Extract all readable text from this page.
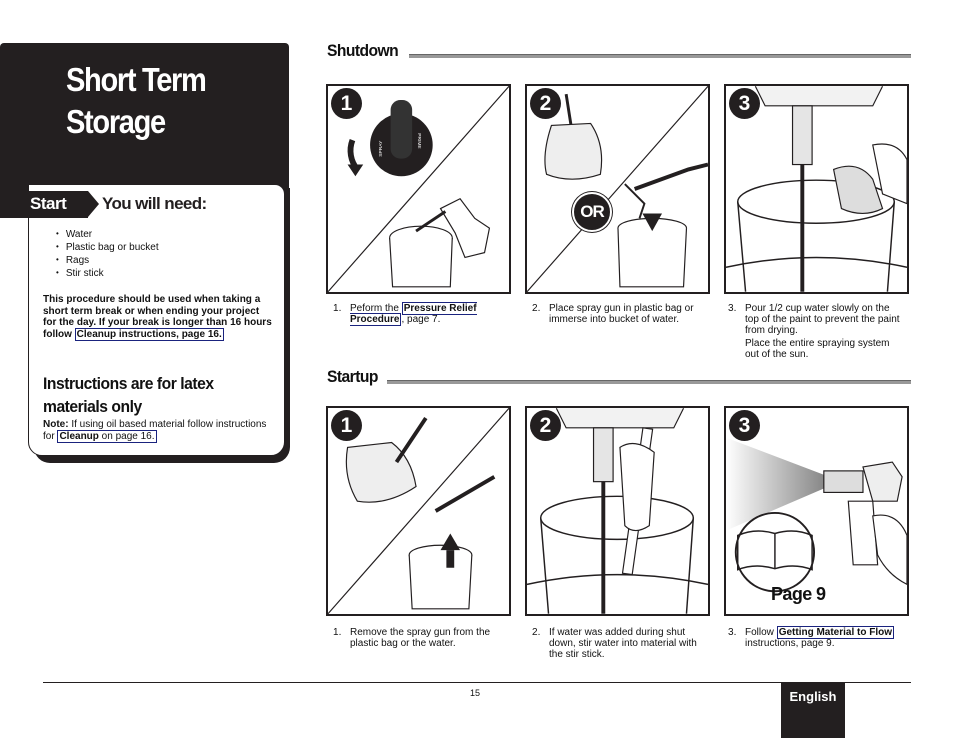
Short Term
Storage
Start You will need:
• Water
• Plastic bag or bucket
• Rags
• Stir stick
This procedure should be used when taking a short term break or when ending your project for the day. If your break is longer than 16 hours follow Cleanup instructions, page 16.
Instructions are for latex
materials only
Note: If using oil based material follow instructions for Cleanup on page 16.
Shutdown
SPRAY	PRIME
1	2	3
OR
1. Peform the Pressure Relief Procedure , page 7.
2. Place spray gun in plastic bag or immerse into bucket of water.
3. Pour 1/2 cup water slowly on the top of the paint to prevent the paint from drying.
Place the entire spraying system out of the sun.
Startup
1	2	3
Page 9
1. Remove the spray gun from the plastic bag or the water.
2. If water was added during shut down, stir water into material with the stir stick.
3. Follow Getting Material to Flow instructions, page 9.
15	English
